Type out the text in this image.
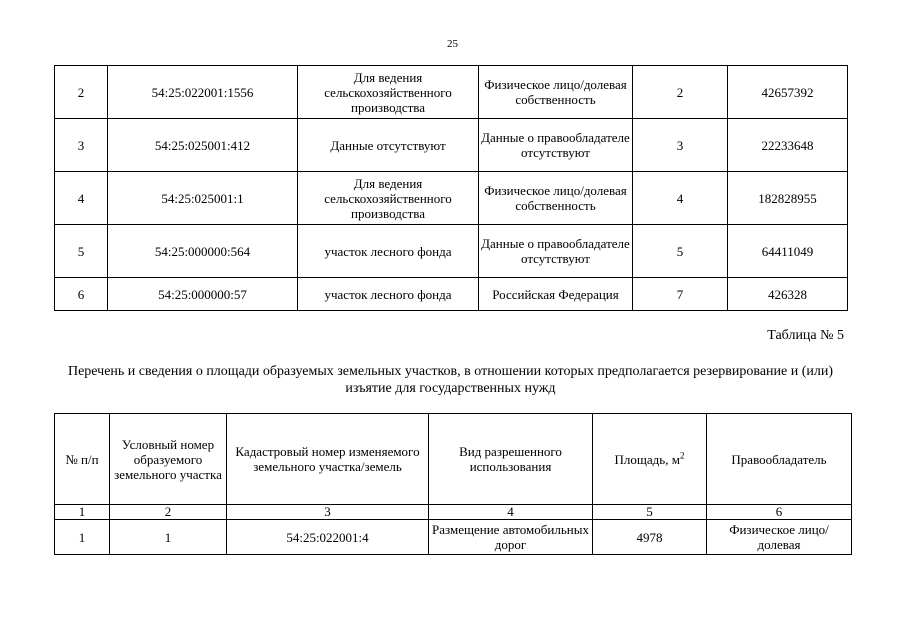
25
2	54:25:022001:1556	Для ведения сельскохозяйственного производства	Физическое лицо/долевая собственность	2	42657392
3	54:25:025001:412	Данные отсутствуют	Данные о правообладателе отсутствуют	3	22233648
4	54:25:025001:1	Для ведения сельскохозяйственного производства	Физическое лицо/долевая собственность	4	182828955
5	54:25:000000:564	участок лесного фонда	Данные о правообладателе отсутствуют	5	64411049
6	54:25:000000:57	участок лесного фонда	Российская Федерация	7	426328
Таблица № 5
Перечень и сведения о площади образуемых земельных участков, в отношении которых предполагается резервирование и (или) изъятие для государственных нужд
№ п/п	Условный номер образуемого земельного участка	Кадастровый номер изменяемого земельного участка/земель	Вид разрешенного использования	Площадь, $м^2$	Правообладатель
1	2	3	4	5	6
1	1	54:25:022001:4	Размещение автомобильных дорог	4978	Физическое лицо/долевая
